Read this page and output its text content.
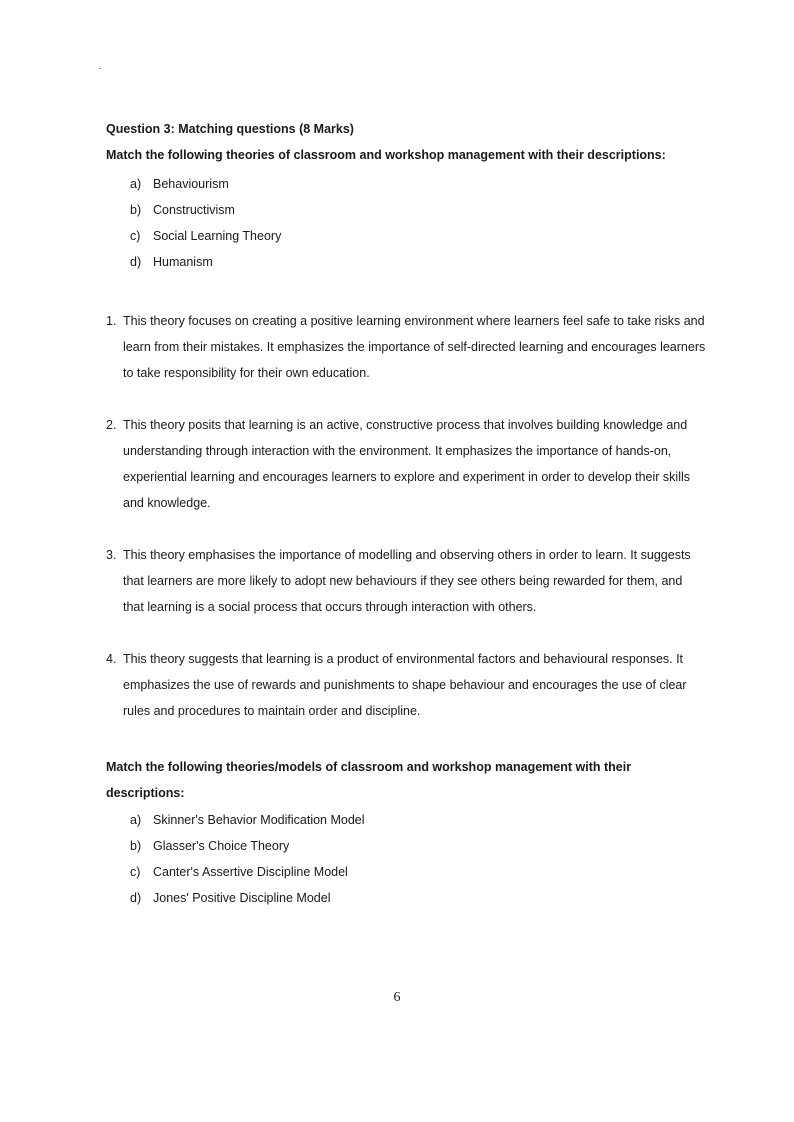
Question 3: Matching questions (8 Marks)

Match the following theories of classroom and workshop management with their descriptions:

a) Behaviourism
b) Constructivism
c)	Social Learning Theory
d) Humanism
1. This theory focuses on creating a positive learning environment where learners feel safe to take risks and learn from their mistakes. It emphasizes the importance of self-directed learning and encourages learners to take responsibility for their own education.
2. This theory posits that learning is an active, constructive process that involves building knowledge and understanding through interaction with the environment. It emphasizes the importance of hands-on, experiential learning and encourages learners to explore and experiment in order to develop their skills and knowledge.
3. This theory emphasises the importance of modelling and observing others in order to learn. It suggests that learners are more likely to adopt new behaviours if they see others being rewarded for them, and that learning is a social process that occurs through interaction with others.
4. This theory suggests that learning is a product of environmental factors and behavioural responses. It emphasizes the use of rewards and punishments to shape behaviour and encourages the use of clear rules and procedures to maintain order and discipline.

Match the following theories/models of classroom and workshop management with their descriptions:

a) Skinner's Behavior Modification Model
b) Glasser's Choice Theory
c)	Canter's Assertive Discipline Model
d) Jones' Positive Discipline Model
6
